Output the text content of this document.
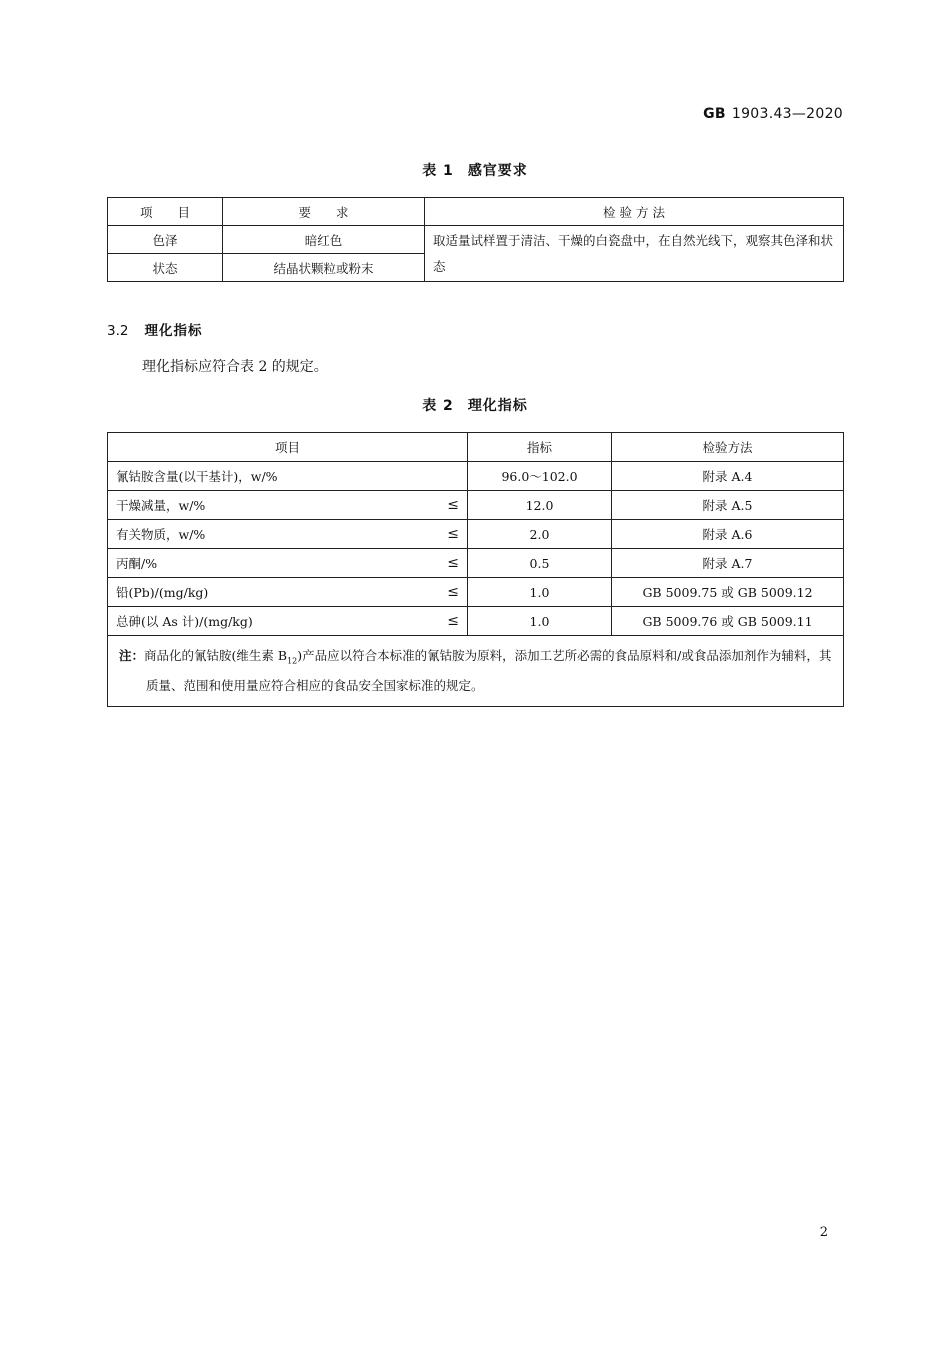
GB 1903.43—2020
表 1 感官要求
项　　目	要　　求	检 验 方 法
色泽	暗红色	取适量试样置于清洁、干燥的白瓷盘中，在自然光线下，观察其色泽和状态
状态	结晶状颗粒或粉末	
3.2 理化指标
理化指标应符合表 2 的规定。
表 2 理化指标
项目	指标	检验方法
氰钴胺含量(以干基计)，w/%	96.0～102.0	附录 A.4
干燥减量，w/% ≤	12.0	附录 A.5
有关物质，w/% ≤	2.0	附录 A.6
丙酮/% ≤	0.5	附录 A.7
铅(Pb)/(mg/kg) ≤	1.0	GB 5009.75 或 GB 5009.12
总砷(以 As 计)/(mg/kg) ≤	1.0	GB 5009.76 或 GB 5009.11
注：商品化的氰钴胺(维生素 $B_{12}$)产品应以符合本标准的氰钴胺为原料，添加工艺所必需的食品原料和/或食品添加剂作为辅料，其质量、范围和使用量应符合相应的食品安全国家标准的规定。		
2
